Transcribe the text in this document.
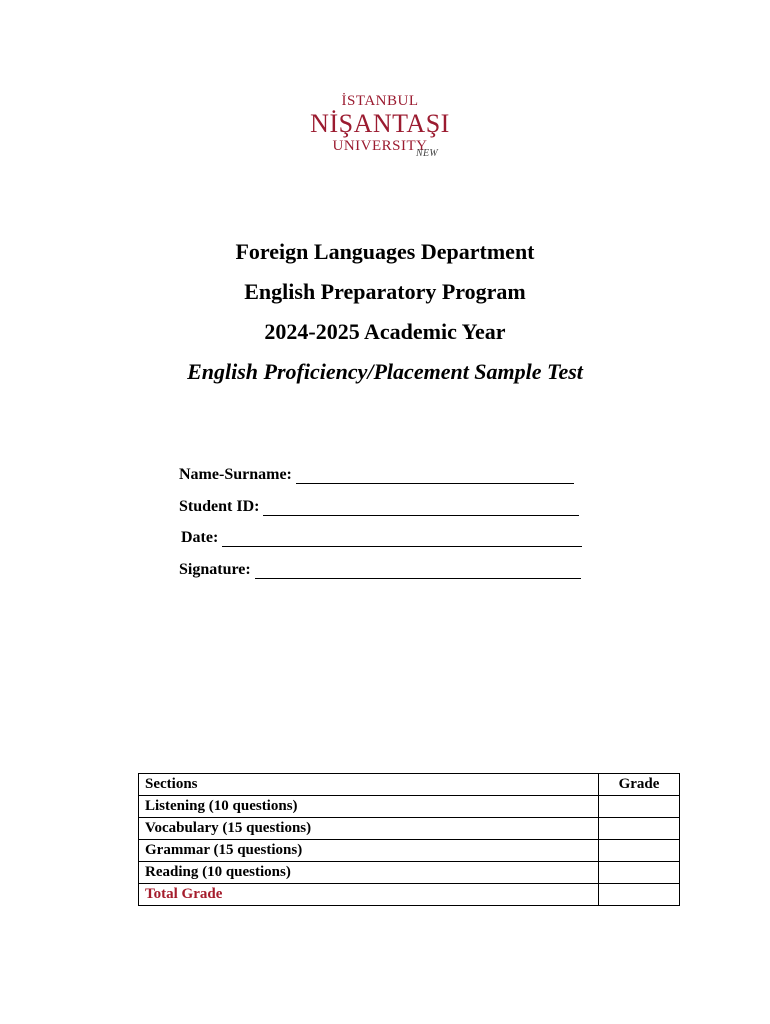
İSTANBUL
NİŞANTAŞI
UNIVERSITY
NEW
Foreign Languages Department
English Preparatory Program
2024-2025 Academic Year
English Proficiency/Placement Sample Test
Name-Surname:
Student ID:
Date:
Signature:
Sections	Grade
Listening (10 questions)	
Vocabulary (15 questions)	
Grammar (15 questions)	
Reading (10 questions)	
Total Grade	
